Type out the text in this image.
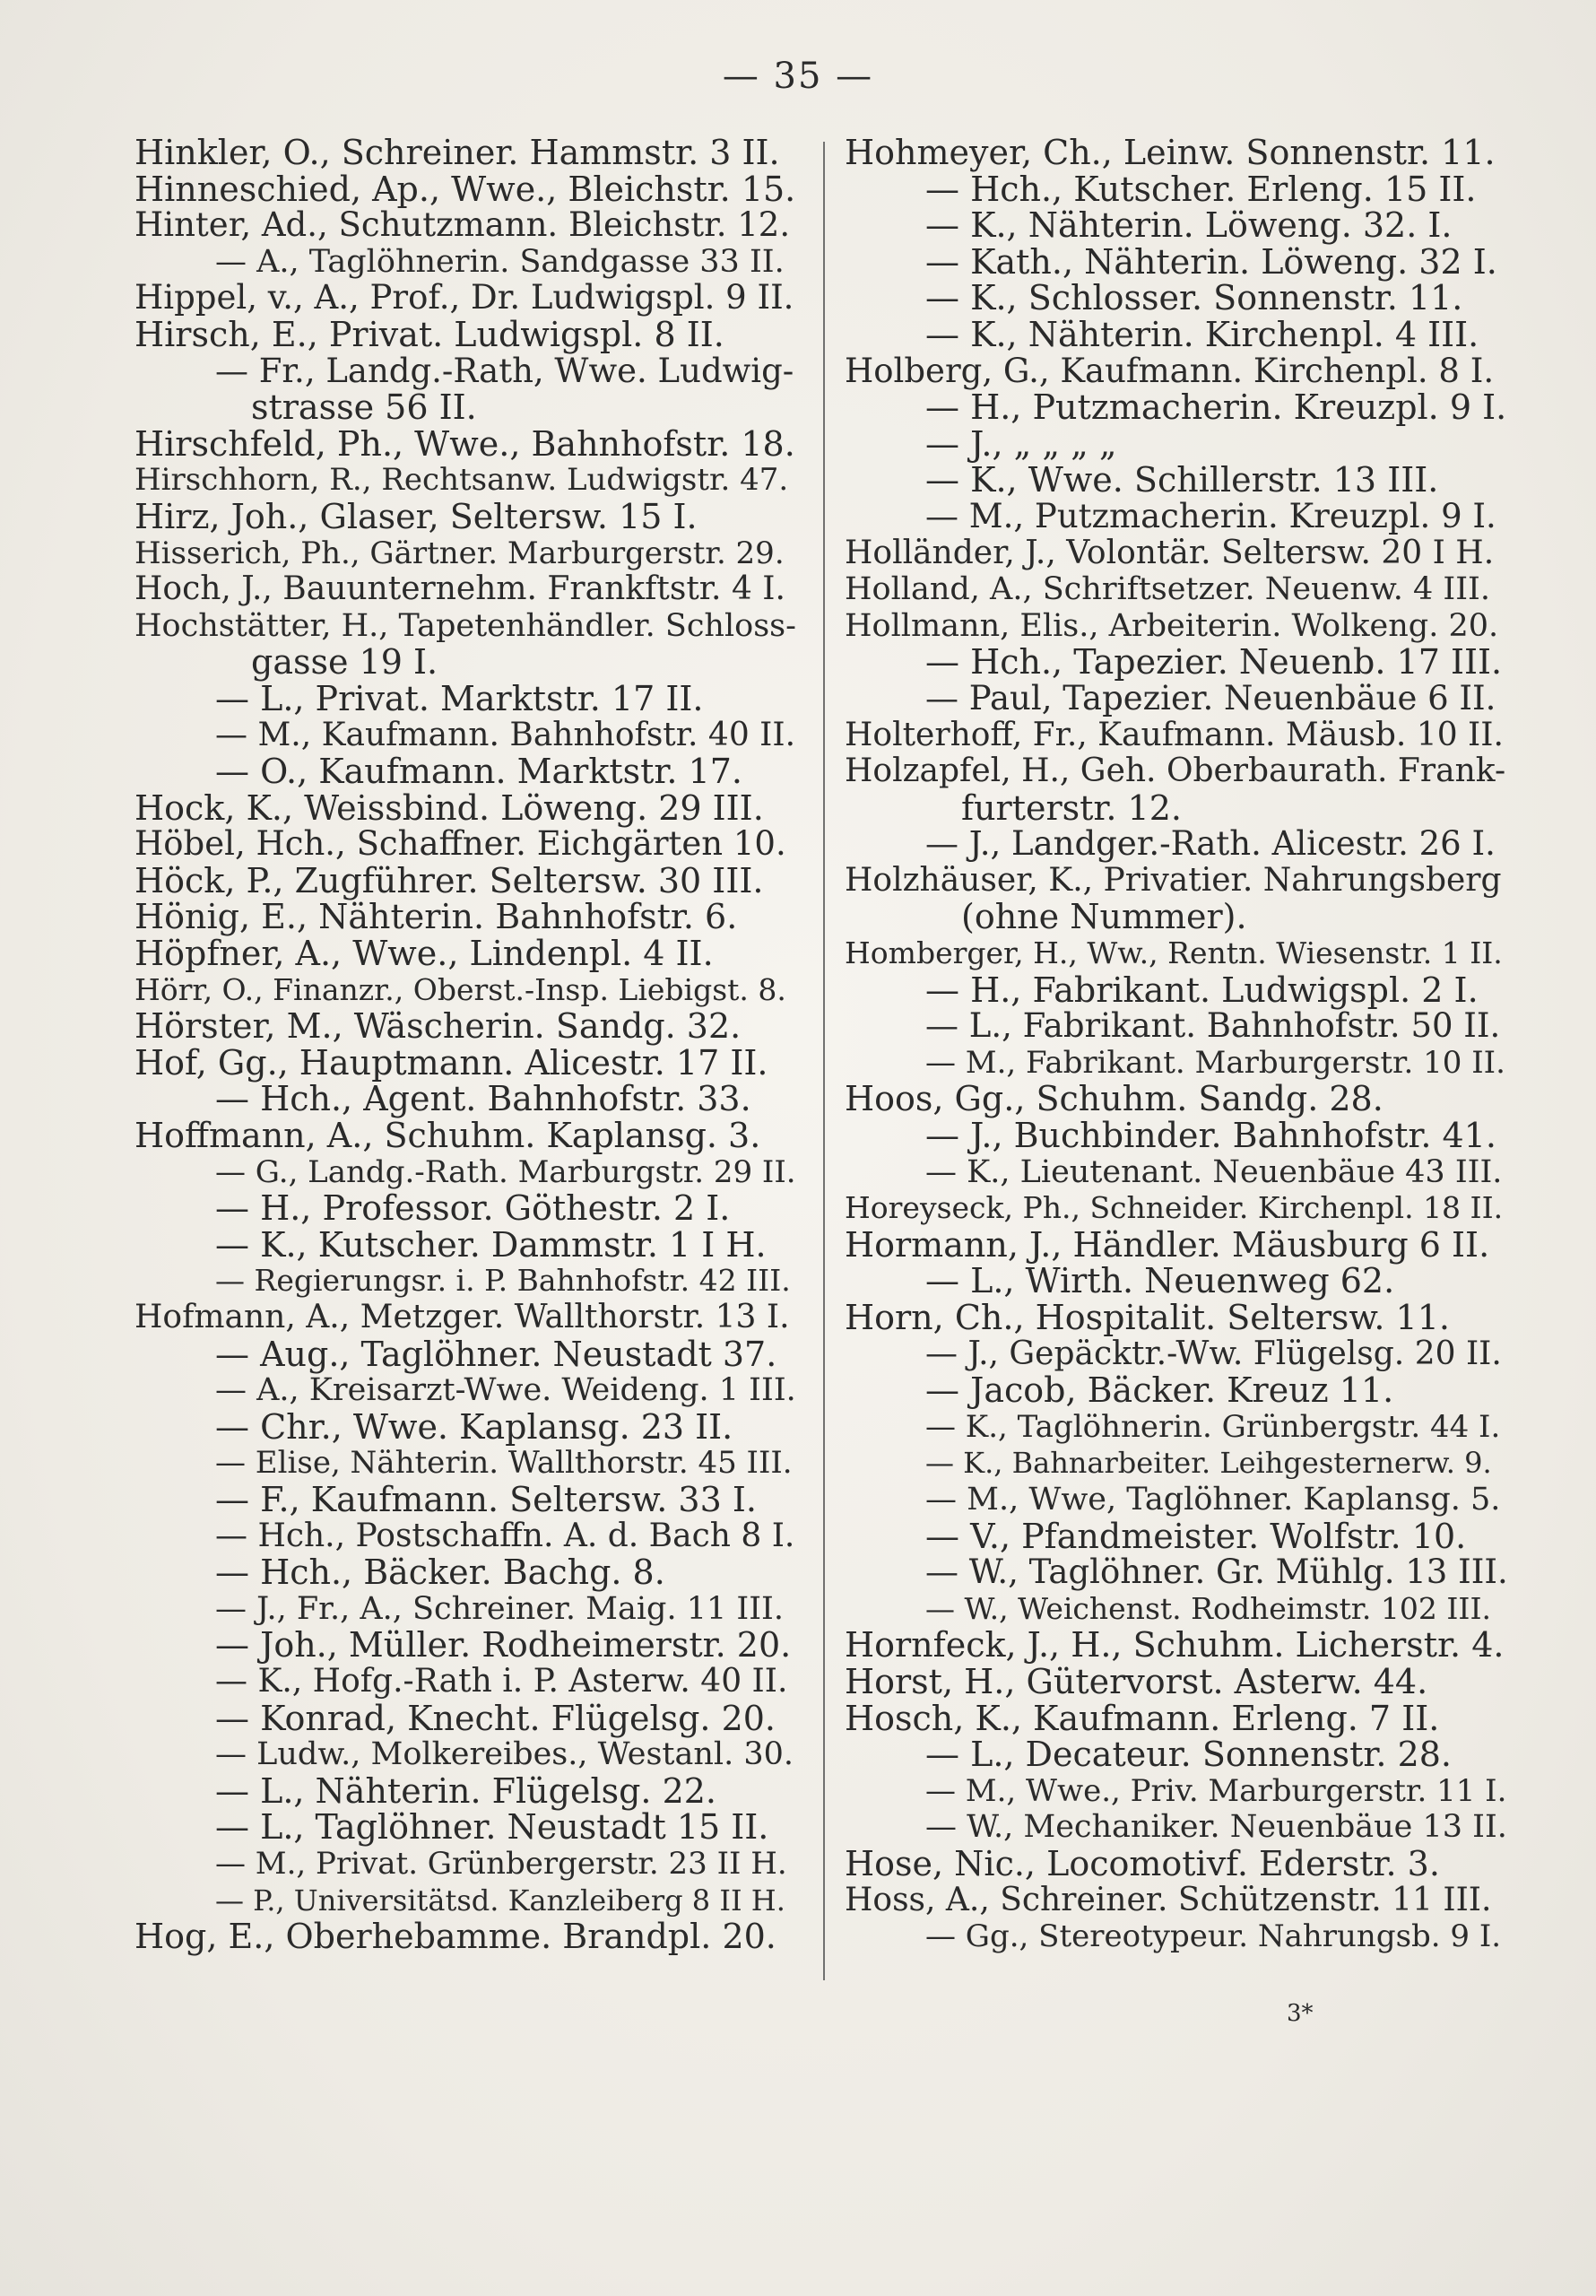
— 35 —
Hinkler, O., Schreiner. Hammstr. 3 II.
Hinneschied, Ap., Wwe., Bleichstr. 15.
Hinter, Ad., Schutzmann. Bleichstr. 12.
— A., Taglöhnerin. Sandgasse 33 II.
Hippel, v., A., Prof., Dr. Ludwigspl. 9 II.
Hirsch, E., Privat. Ludwigspl. 8 II.
— Fr., Landg.-Rath, Wwe. Ludwig-
strasse 56 II.
Hirschfeld, Ph., Wwe., Bahnhofstr. 18.
Hirschhorn, R., Rechtsanw. Ludwigstr. 47.
Hirz, Joh., Glaser, Seltersw. 15 I.
Hisserich, Ph., Gärtner. Marburgerstr. 29.
Hoch, J., Bauunternehm. Frankftstr. 4 I.
Hochstätter, H., Tapetenhändler. Schloss-
gasse 19 I.
— L., Privat. Marktstr. 17 II.
— M., Kaufmann. Bahnhofstr. 40 II.
— O., Kaufmann. Marktstr. 17.
Hock, K., Weissbind. Löweng. 29 III.
Höbel, Hch., Schaffner. Eichgärten 10.
Höck, P., Zugführer. Seltersw. 30 III.
Hönig, E., Nähterin. Bahnhofstr. 6.
Höpfner, A., Wwe., Lindenpl. 4 II.
Hörr, O., Finanzr., Oberst.-Insp. Liebigst. 8.
Hörster, M., Wäscherin. Sandg. 32.
Hof, Gg., Hauptmann. Alicestr. 17 II.
— Hch., Agent. Bahnhofstr. 33.
Hoffmann, A., Schuhm. Kaplansg. 3.
— G., Landg.-Rath. Marburgstr. 29 II.
— H., Professor. Göthestr. 2 I.
— K., Kutscher. Dammstr. 1 I H.
— Regierungsr. i. P. Bahnhofstr. 42 III.
Hofmann, A., Metzger. Wallthorstr. 13 I.
— Aug., Taglöhner. Neustadt 37.
— A., Kreisarzt-Wwe. Weideng. 1 III.
— Chr., Wwe. Kaplansg. 23 II.
— Elise, Nähterin. Wallthorstr. 45 III.
— F., Kaufmann. Seltersw. 33 I.
— Hch., Postschaffn. A. d. Bach 8 I.
— Hch., Bäcker. Bachg. 8.
— J., Fr., A., Schreiner. Maig. 11 III.
— Joh., Müller. Rodheimerstr. 20.
— K., Hofg.-Rath i. P. Asterw. 40 II.
— Konrad, Knecht. Flügelsg. 20.
— Ludw., Molkereibes., Westanl. 30.
— L., Nähterin. Flügelsg. 22.
— L., Taglöhner. Neustadt 15 II.
— M., Privat. Grünbergerstr. 23 II H.
— P., Universitätsd. Kanzleiberg 8 II H.
Hog, E., Oberhebamme. Brandpl. 20.
Hohmeyer, Ch., Leinw. Sonnenstr. 11.
— Hch., Kutscher. Erleng. 15 II.
— K., Nähterin. Löweng. 32. I.
— Kath., Nähterin. Löweng. 32 I.
— K., Schlosser. Sonnenstr. 11.
— K., Nähterin. Kirchenpl. 4 III.
Holberg, G., Kaufmann. Kirchenpl. 8 I.
— H., Putzmacherin. Kreuzpl. 9 I.
— J., „ „ „ „
— K., Wwe. Schillerstr. 13 III.
— M., Putzmacherin. Kreuzpl. 9 I.
Holländer, J., Volontär. Seltersw. 20 I H.
Holland, A., Schriftsetzer. Neuenw. 4 III.
Hollmann, Elis., Arbeiterin. Wolkeng. 20.
— Hch., Tapezier. Neuenb. 17 III.
— Paul, Tapezier. Neuenbäue 6 II.
Holterhoff, Fr., Kaufmann. Mäusb. 10 II.
Holzapfel, H., Geh. Oberbaurath. Frank-
furterstr. 12.
— J., Landger.-Rath. Alicestr. 26 I.
Holzhäuser, K., Privatier. Nahrungsberg
(ohne Nummer).
Homberger, H., Ww., Rentn. Wiesenstr. 1 II.
— H., Fabrikant. Ludwigspl. 2 I.
— L., Fabrikant. Bahnhofstr. 50 II.
— M., Fabrikant. Marburgerstr. 10 II.
Hoos, Gg., Schuhm. Sandg. 28.
— J., Buchbinder. Bahnhofstr. 41.
— K., Lieutenant. Neuenbäue 43 III.
Horeyseck, Ph., Schneider. Kirchenpl. 18 II.
Hormann, J., Händler. Mäusburg 6 II.
— L., Wirth. Neuenweg 62.
Horn, Ch., Hospitalit. Seltersw. 11.
— J., Gepäcktr.-Ww. Flügelsg. 20 II.
— Jacob, Bäcker. Kreuz 11.
— K., Taglöhnerin. Grünbergstr. 44 I.
— K., Bahnarbeiter. Leihgesternerw. 9.
— M., Wwe, Taglöhner. Kaplansg. 5.
— V., Pfandmeister. Wolfstr. 10.
— W., Taglöhner. Gr. Mühlg. 13 III.
— W., Weichenst. Rodheimstr. 102 III.
Hornfeck, J., H., Schuhm. Licherstr. 4.
Horst, H., Gütervorst. Asterw. 44.
Hosch, K., Kaufmann. Erleng. 7 II.
— L., Decateur. Sonnenstr. 28.
— M., Wwe., Priv. Marburgerstr. 11 I.
— W., Mechaniker. Neuenbäue 13 II.
Hose, Nic., Locomotivf. Ederstr. 3.
Hoss, A., Schreiner. Schützenstr. 11 III.
— Gg., Stereotypeur. Nahrungsb. 9 I.
3*
